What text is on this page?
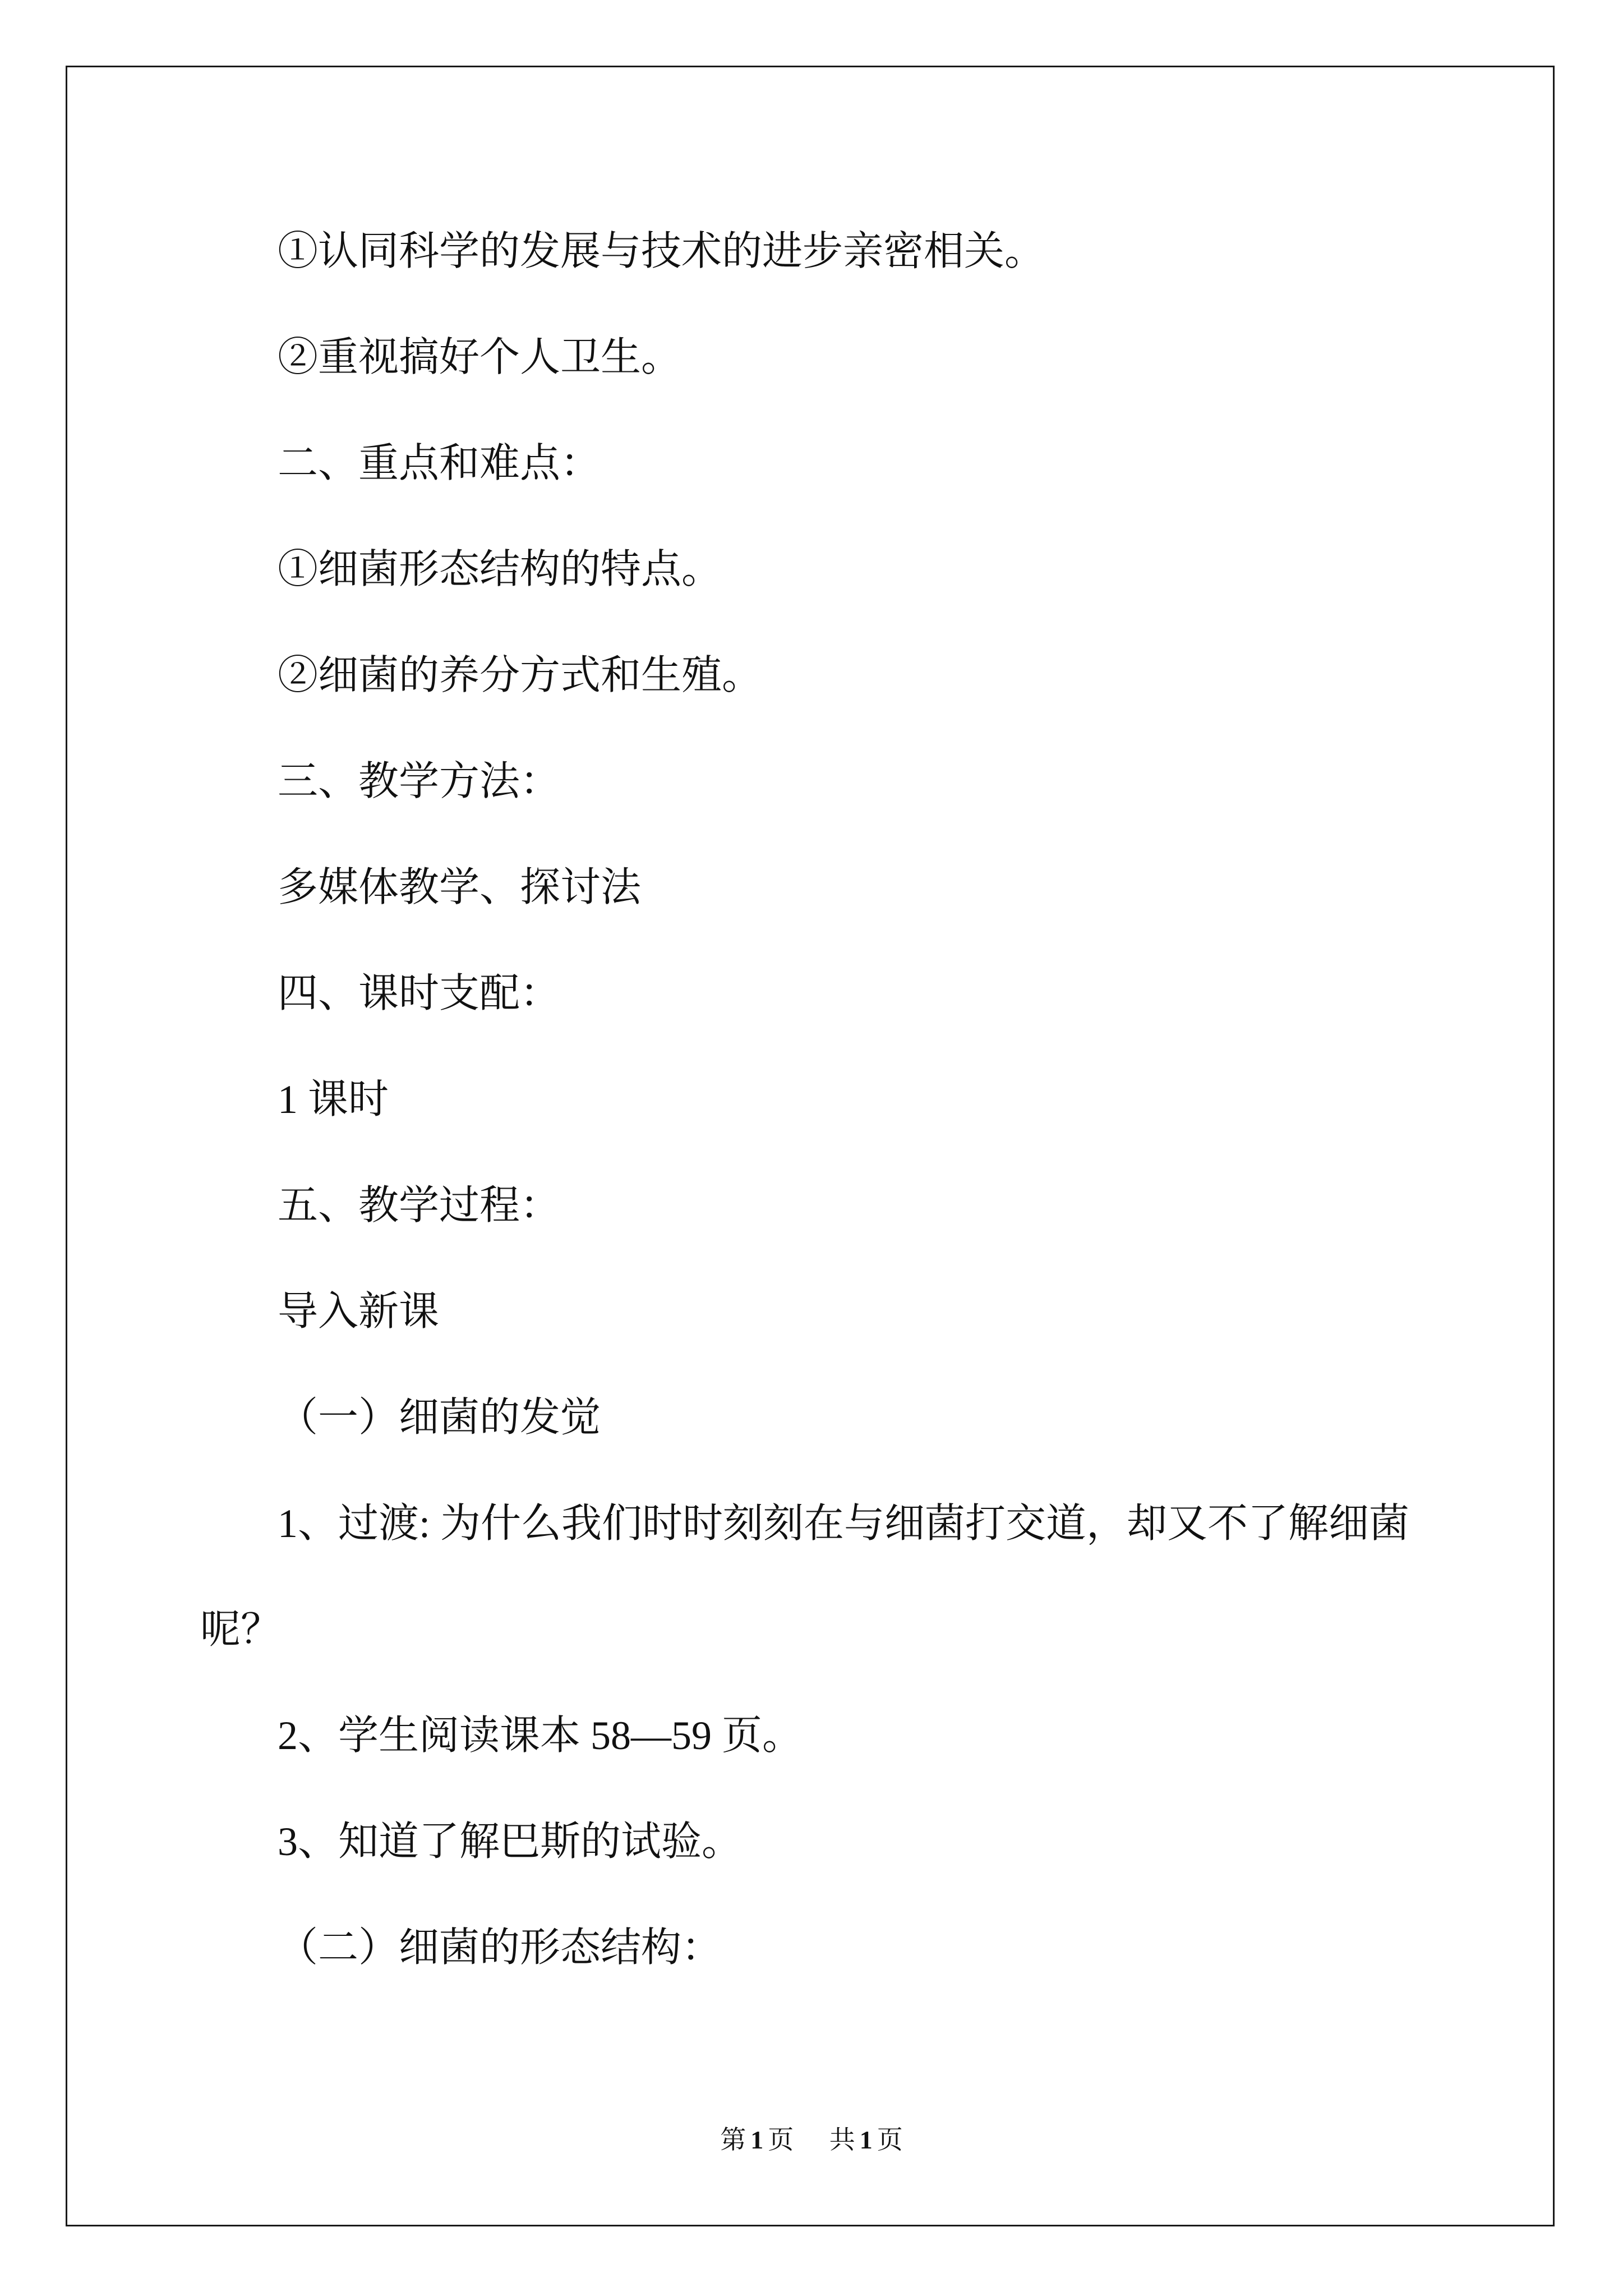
①认同科学的发展与技术的进步亲密相关。

②重视搞好个人卫生。

二、重点和难点：

①细菌形态结构的特点。

②细菌的养分方式和生殖。

三、教学方法：

多媒体教学、探讨法

四、课时支配：

1 课时

五、教学过程：

导入新课

（一）细菌的发觉

1、过渡: 为什么我们时时刻刻在与细菌打交道，却又不了解细菌
呢？

2、学生阅读课本 58—59 页。

3、知道了解巴斯的试验。

（二）细菌的形态结构：

第 1 页 共 1 页
